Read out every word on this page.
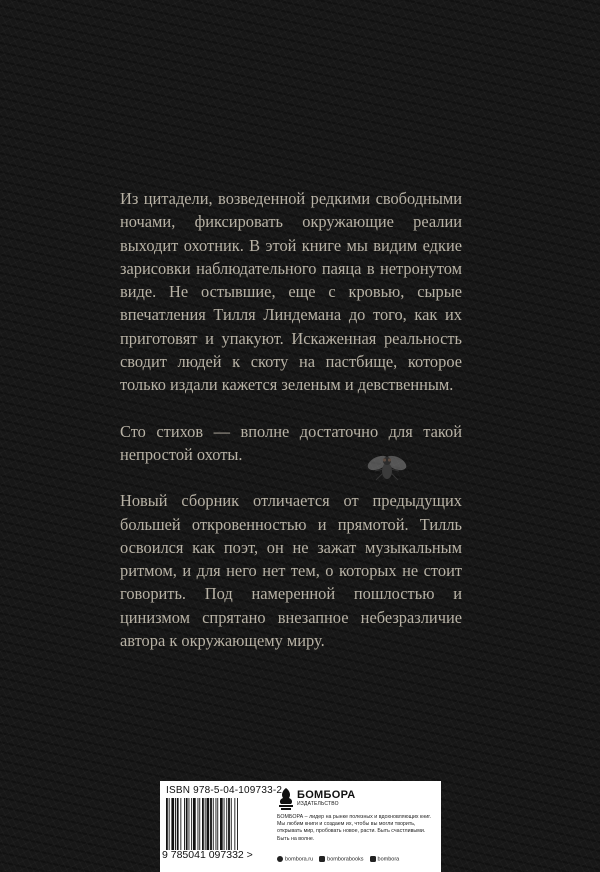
Из цитадели, возведенной редкими свободными ночами, фиксировать окружающие реалии выходит охотник. В этой книге мы видим едкие зарисовки наблюдательного паяца в нетронутом виде. Не остывшие, еще с кровью, сырые впечатления Тилля Линдемана до того, как их приготовят и упакуют. Искаженная реальность сводит людей к скоту на пастбище, которое только издали кажется зеленым и девственным.

Сто стихов — вполне достаточно для такой непростой охоты.

Новый сборник отличается от предыдущих большей откровенностью и прямотой. Тилль освоился как поэт, он не зажат музыкальным ритмом, и для него нет тем, о которых не стоит говорить. Под намеренной пошлостью и цинизмом спрятано внезапное небезразличие автора к окружающему миру.

ISBN 978-5-04-109733-2
9 785041 097332 >
БОМБОРА
ИЗДАТЕЛЬСТВО
БОМБОРА – лидер на рынке полезных и вдохновляющих книг. Мы любим книги и создаем их, чтобы вы могли творить, открывать мир, пробовать новое, расти. Быть счастливыми. Быть на волне.
bombora.ru	bomborabooks	bombora
